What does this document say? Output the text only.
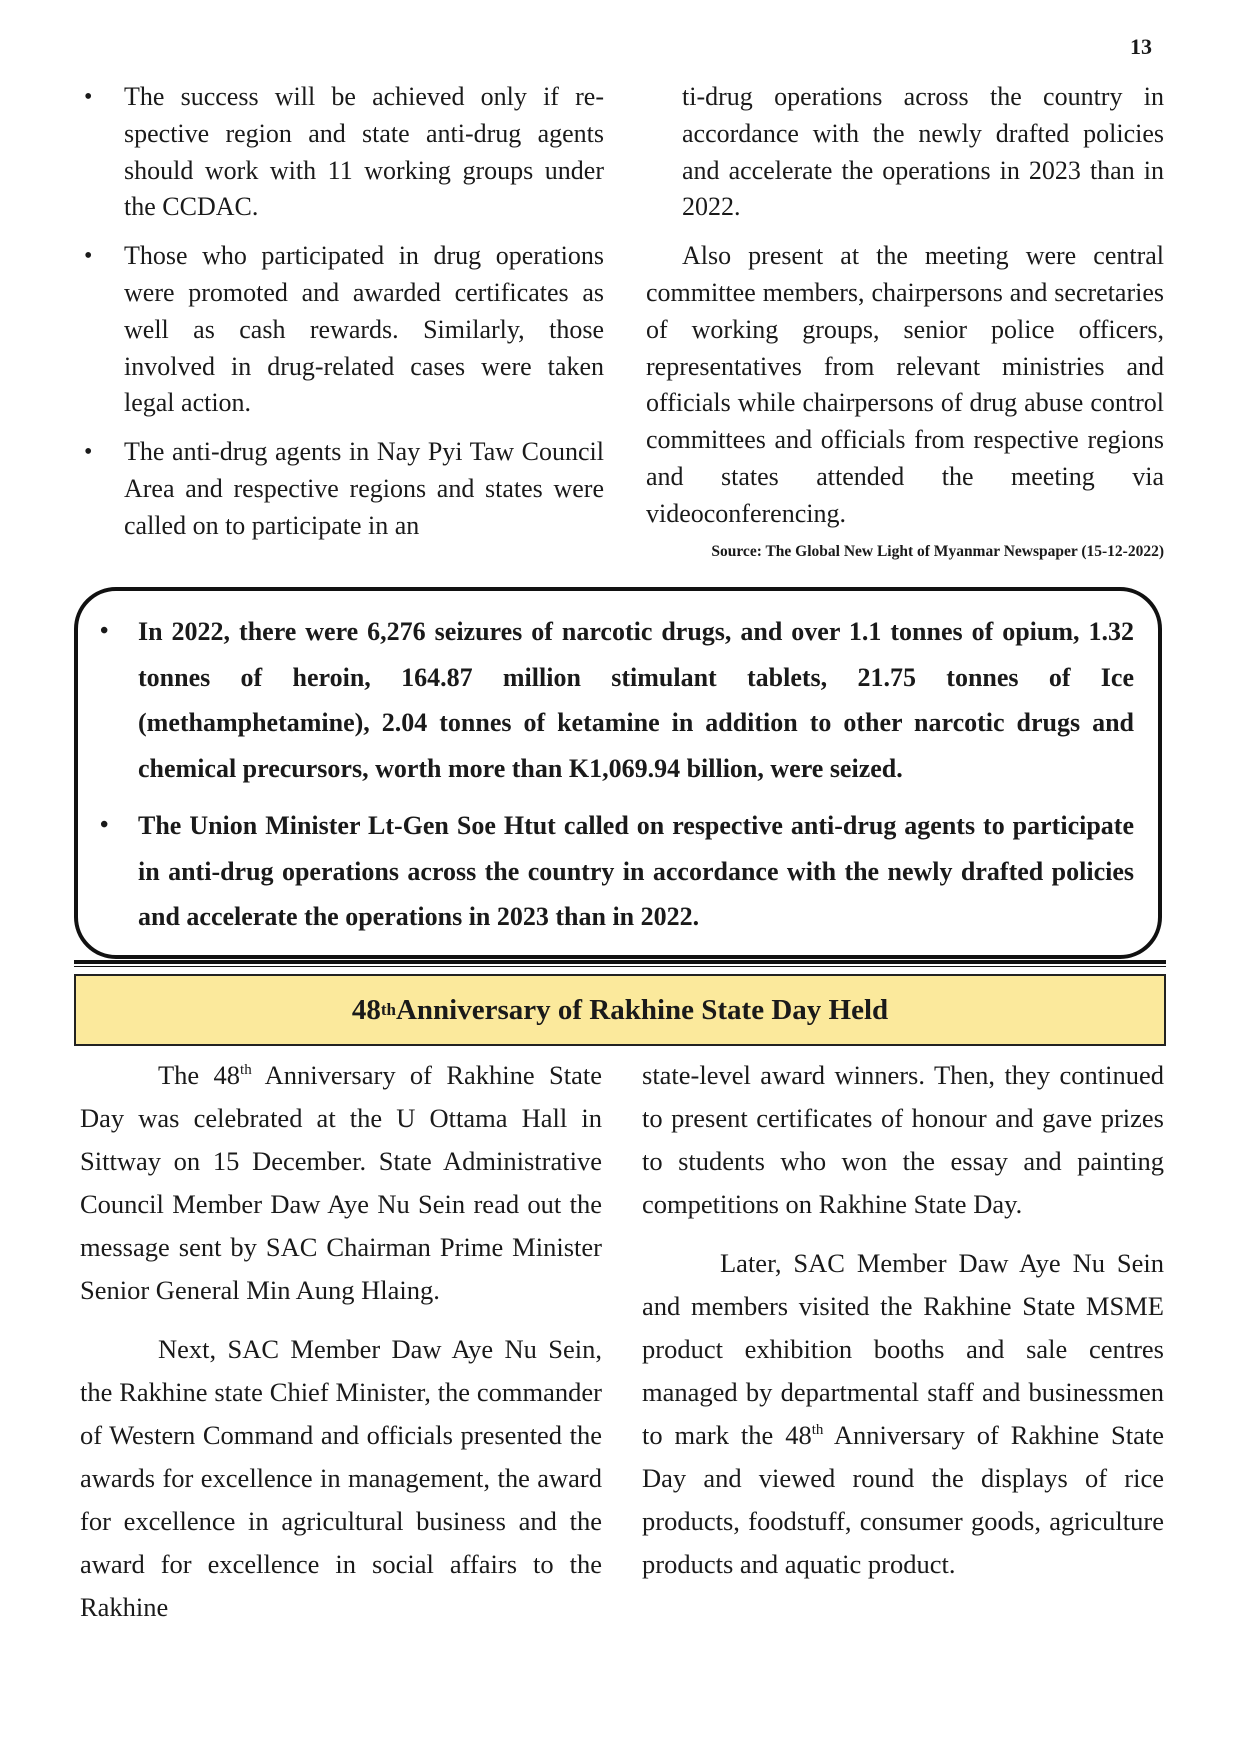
13
• The success will be achieved only if respective region and state anti-drug agents should work with 11 working groups under the CCDAC.
• Those who participated in drug operations were promoted and awarded certificates as well as cash rewards. Similarly, those involved in drug-related cases were taken legal action.
• The anti-drug agents in Nay Pyi Taw Council Area and respective regions and states were called on to participate in an

ti-drug operations across the country in accordance with the newly drafted policies and accelerate the operations in 2023 than in 2022.

Also present at the meeting were central committee members, chairpersons and secretaries of working groups, senior police officers, representatives from relevant ministries and officials while chairpersons of drug abuse control committees and officials from respective regions and states attended the meeting via videoconferencing.

Source: The Global New Light of Myanmar Newspaper (15-12-2022)
• In 2022, there were 6,276 seizures of narcotic drugs, and over 1.1 tonnes of opium, 1.32 tonnes of heroin, 164.87 million stimulant tablets, 21.75 tonnes of Ice (methamphetamine), 2.04 tonnes of ketamine in addition to other narcotic drugs and chemical precursors, worth more than K1,069.94 billion, were seized.
• The Union Minister Lt-Gen Soe Htut called on respective anti-drug agents to participate in anti-drug operations across the country in accordance with the newly drafted policies and accelerate the operations in 2023 than in 2022.
48 th Anniversary of Rakhine State Day Held

The 48th Anniversary of Rakhine State Day was celebrated at the U Ottama Hall in Sittway on 15 December. State Administrative Council Member Daw Aye Nu Sein read out the message sent by SAC Chairman Prime Minister Senior General Min Aung Hlaing.

Next, SAC Member Daw Aye Nu Sein, the Rakhine state Chief Minister, the commander of Western Command and officials presented the awards for excellence in management, the award for excellence in agricultural business and the award for excellence in social affairs to the Rakhine

state-level award winners. Then, they continued to present certificates of honour and gave prizes to students who won the essay and painting competitions on Rakhine State Day.

Later, SAC Member Daw Aye Nu Sein and members visited the Rakhine State MSME product exhibition booths and sale centres managed by departmental staff and businessmen to mark the 48th Anniversary of Rakhine State Day and viewed round the displays of rice products, foodstuff, consumer goods, agriculture products and aquatic product.
